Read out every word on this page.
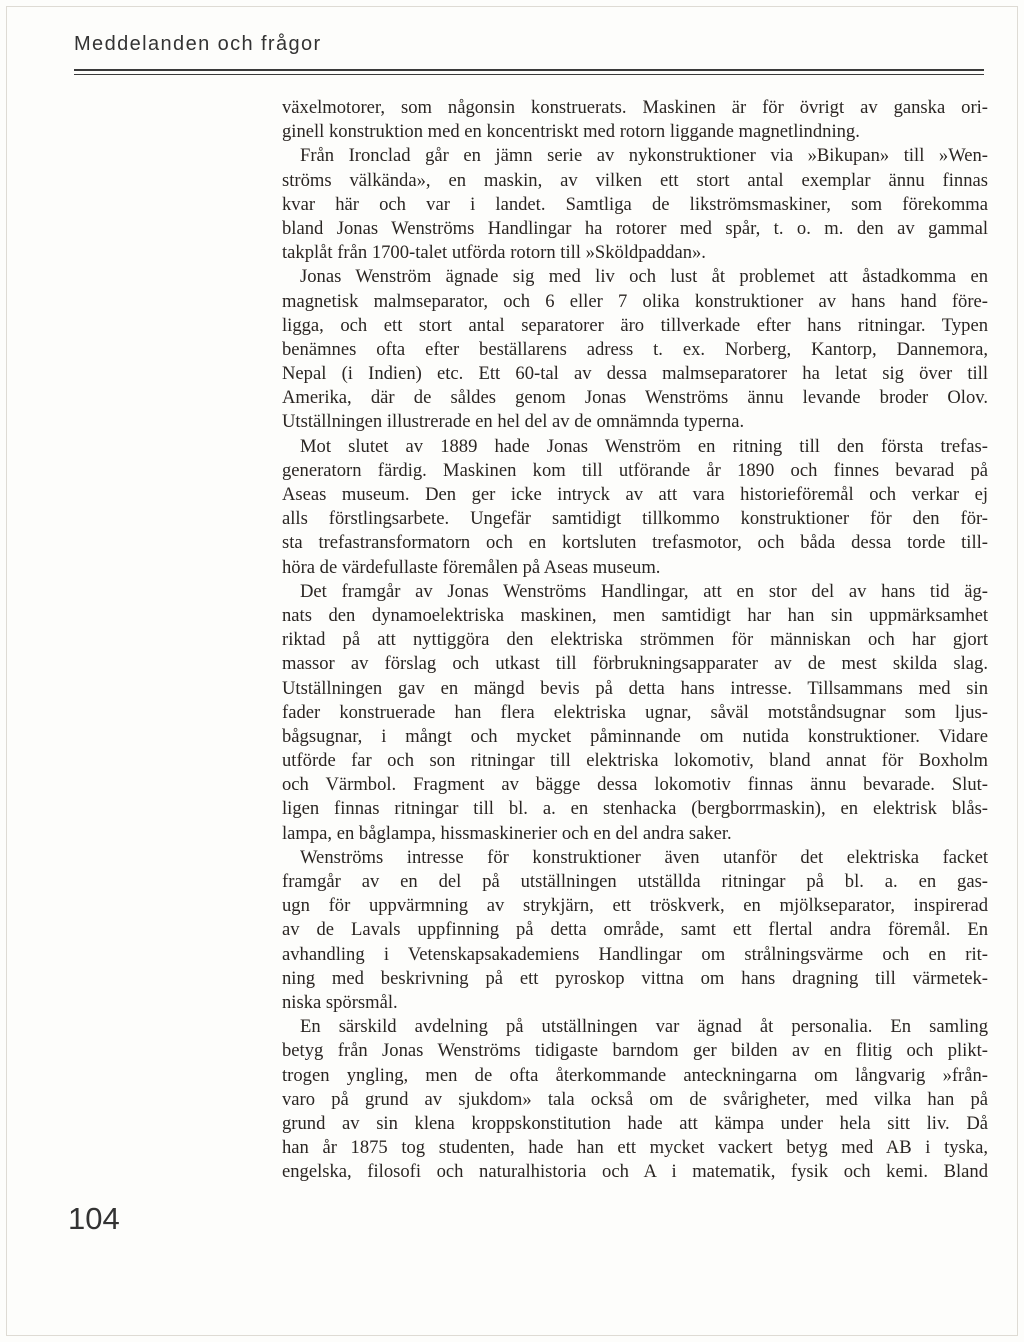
Meddelanden och frågor
växelmotorer, som någonsin konstruerats. Maskinen är för övrigt av ganska ori-
ginell konstruktion med en koncentriskt med rotorn liggande magnetlindning.
Från Ironclad går en jämn serie av nykonstruktioner via »Bikupan» till »Wen-
ströms välkända», en maskin, av vilken ett stort antal exemplar ännu finnas
kvar här och var i landet. Samtliga de likströmsmaskiner, som förekomma
bland Jonas Wenströms Handlingar ha rotorer med spår, t. o. m. den av gammal
takplåt från 1700-talet utförda rotorn till »Sköldpaddan».
Jonas Wenström ägnade sig med liv och lust åt problemet att åstadkomma en
magnetisk malmseparator, och 6 eller 7 olika konstruktioner av hans hand före-
ligga, och ett stort antal separatorer äro tillverkade efter hans ritningar. Typen
benämnes ofta efter beställarens adress t. ex. Norberg, Kantorp, Dannemora,
Nepal (i Indien) etc. Ett 60-tal av dessa malmseparatorer ha letat sig över till
Amerika, där de såldes genom Jonas Wenströms ännu levande broder Olov.
Utställningen illustrerade en hel del av de omnämnda typerna.
Mot slutet av 1889 hade Jonas Wenström en ritning till den första trefas-
generatorn färdig. Maskinen kom till utförande år 1890 och finnes bevarad på
Aseas museum. Den ger icke intryck av att vara historieföremål och verkar ej
alls förstlingsarbete. Ungefär samtidigt tillkommo konstruktioner för den för-
sta trefastransformatorn och en kortsluten trefasmotor, och båda dessa torde till-
höra de värdefullaste föremålen på Aseas museum.
Det framgår av Jonas Wenströms Handlingar, att en stor del av hans tid äg-
nats den dynamoelektriska maskinen, men samtidigt har han sin uppmärksamhet
riktad på att nyttiggöra den elektriska strömmen för människan och har gjort
massor av förslag och utkast till förbrukningsapparater av de mest skilda slag.
Utställningen gav en mängd bevis på detta hans intresse. Tillsammans med sin
fader konstruerade han flera elektriska ugnar, såväl motståndsugnar som ljus-
bågsugnar, i mångt och mycket påminnande om nutida konstruktioner. Vidare
utförde far och son ritningar till elektriska lokomotiv, bland annat för Boxholm
och Värmbol. Fragment av bägge dessa lokomotiv finnas ännu bevarade. Slut-
ligen finnas ritningar till bl. a. en stenhacka (bergborrmaskin), en elektrisk blås-
lampa, en båglampa, hissmaskinerier och en del andra saker.
Wenströms intresse för konstruktioner även utanför det elektriska facket
framgår av en del på utställningen utställda ritningar på bl. a. en gas-
ugn för uppvärmning av strykjärn, ett tröskverk, en mjölkseparator, inspirerad
av de Lavals uppfinning på detta område, samt ett flertal andra föremål. En
avhandling i Vetenskapsakademiens Handlingar om strålningsvärme och en rit-
ning med beskrivning på ett pyroskop vittna om hans dragning till värmetek-
niska spörsmål.
En särskild avdelning på utställningen var ägnad åt personalia. En samling
betyg från Jonas Wenströms tidigaste barndom ger bilden av en flitig och plikt-
trogen yngling, men de ofta återkommande anteckningarna om långvarig »från-
varo på grund av sjukdom» tala också om de svårigheter, med vilka han på
grund av sin klena kroppskonstitution hade att kämpa under hela sitt liv. Då
han år 1875 tog studenten, hade han ett mycket vackert betyg med AB i tyska,
engelska, filosofi och naturalhistoria och A i matematik, fysik och kemi. Bland
104
